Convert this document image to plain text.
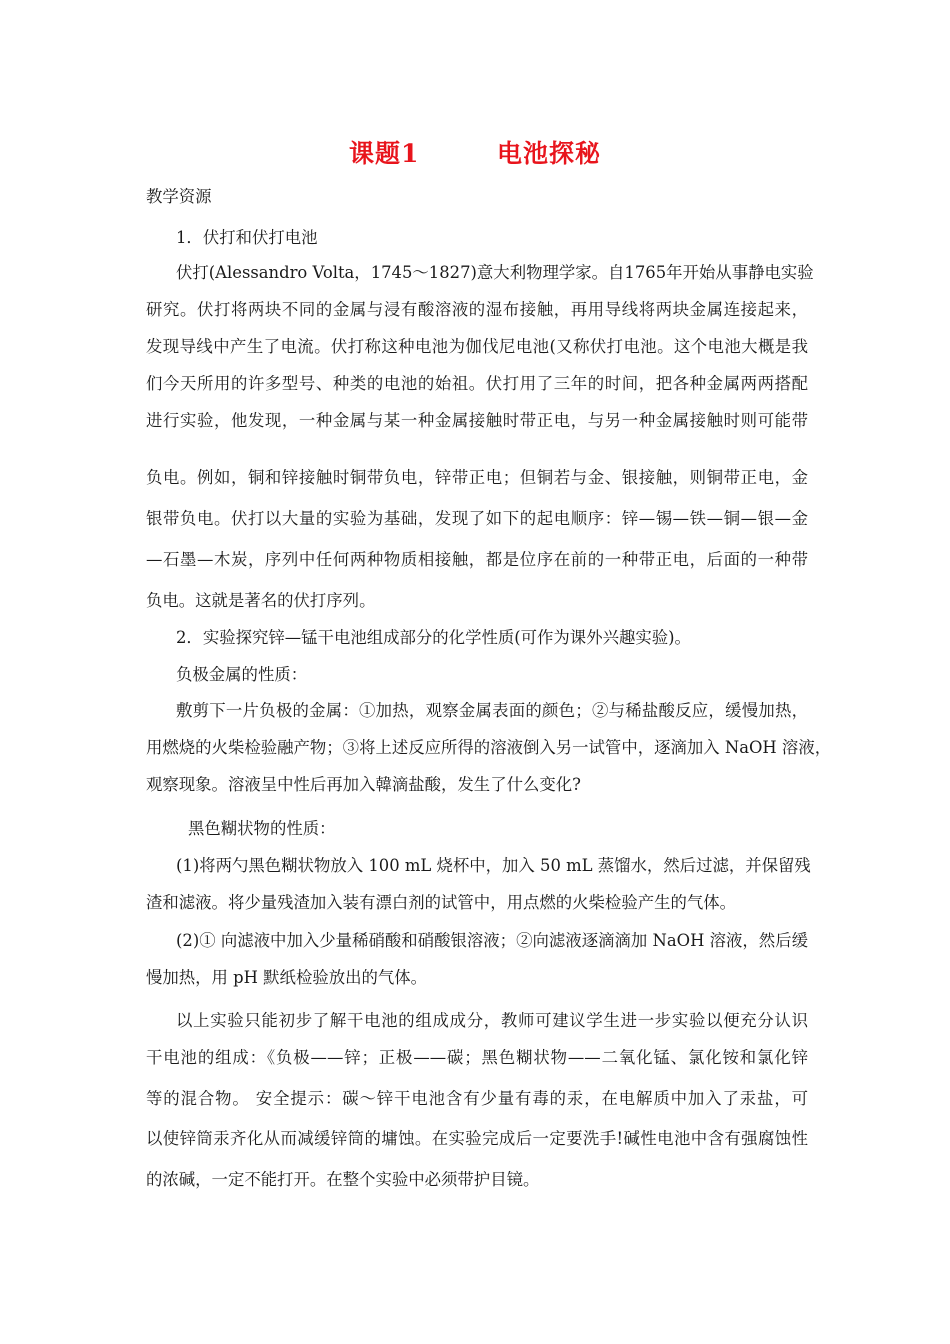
课题1        电池探秘
教学资源
1．伏打和伏打电池
伏打(Alessandro Volta，1745～1827)意大利物理学家。自1765年开始从事静电实验
研究。伏打将两块不同的金属与浸有酸溶液的湿布接触，再用导线将两块金属连接起来，
发现导线中产生了电流。伏打称这种电池为伽伐尼电池(又称伏打电池。这个电池大概是我
们今天所用的许多型号、种类的电池的始祖。伏打用了三年的时间，把各种金属两两搭配
进行实验，他发现，一种金属与某一种金属接触时带正电，与另一种金属接触时则可能带
负电。例如，铜和锌接触时铜带负电，锌带正电；但铜若与金、银接触，则铜带正电，金
银带负电。伏打以大量的实验为基础，发现了如下的起电顺序：锌—锡—铁—铜—银—金
—石墨—木炭，序列中任何两种物质相接触，都是位序在前的一种带正电，后面的一种带
负电。这就是著名的伏打序列。
2．实验探究锌—锰干电池组成部分的化学性质(可作为课外兴趣实验)。
负极金属的性质：
敷剪下一片负极的金属：①加热，观察金属表面的颜色；②与稀盐酸反应，缓慢加热，
用燃烧的火柴检验融产物；③将上述反应所得的溶液倒入另一试管中，逐滴加入 NaOH 溶液，
观察现象。溶液呈中性后再加入韓滴盐酸，发生了什么变化?
黑色糊状物的性质：
(1)将两勺黑色糊状物放入 100 mL 烧杯中，加入 50 mL 蒸馏水，然后过滤，并保留残
渣和滤液。将少量残渣加入装有漂白剂的试管中，用点燃的火柴检验产生的气体。
(2)① 向滤液中加入少量稀硝酸和硝酸银溶液；②向滤液逐滴滴加 NaOH 溶液，然后缓
慢加热，用 pH 默纸检验放出的气体。
以上实验只能初步了解干电池的组成成分，教师可建议学生进一步实验以便充分认识
干电池的组成：《负极——锌；正极——碳；黑色糊状物——二氧化锰、氯化铵和氯化锌
等的混合物。 安全提示：碳～锌干电池含有少量有毒的汞，在电解质中加入了汞盐，可
以使锌筒汞齐化从而减缓锌筒的墉蚀。在实验完成后一定要洗手!碱性电池中含有强腐蚀性
的浓碱，一定不能打开。在整个实验中必须带护目镜。
